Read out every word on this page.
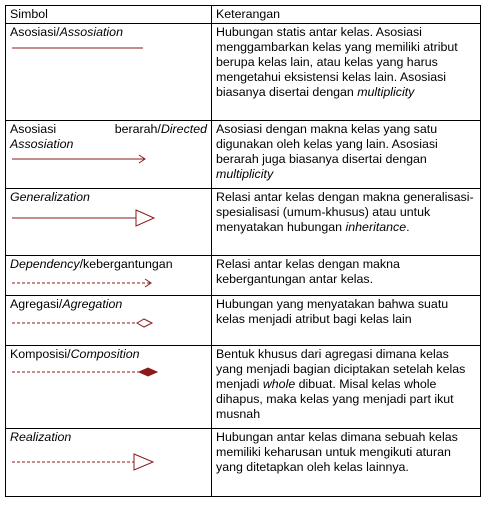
Simbol	Keterangan

Asosiasi/Assosiation	Hubungan statis antar kelas. Asosiasi menggambarkan kelas yang memiliki atribut berupa kelas lain, atau kelas yang harus mengetahui eksistensi kelas lain. Asosiasi biasanya disertai dengan multiplicity

Asosiasi berarah/Directed Assosiation	Asosiasi dengan makna kelas yang satu digunakan oleh kelas yang lain. Asosiasi berarah juga biasanya disertai dengan multiplicity

Generalization	Relasi antar kelas dengan makna generalisasi-spesialisasi (umum-khusus) atau untuk menyatakan hubungan inheritance.

Dependency/kebergantungan	Relasi antar kelas dengan makna kebergantungan antar kelas.

Agregasi/Agregation	Hubungan yang menyatakan bahwa suatu kelas menjadi atribut bagi kelas lain

Komposisi/Composition	Bentuk khusus dari agregasi dimana kelas yang menjadi bagian diciptakan setelah kelas menjadi whole dibuat. Misal kelas whole dihapus, maka kelas yang menjadi part ikut musnah

Realization	Hubungan antar kelas dimana sebuah kelas memiliki keharusan untuk mengikuti aturan yang ditetapkan oleh kelas lainnya.
